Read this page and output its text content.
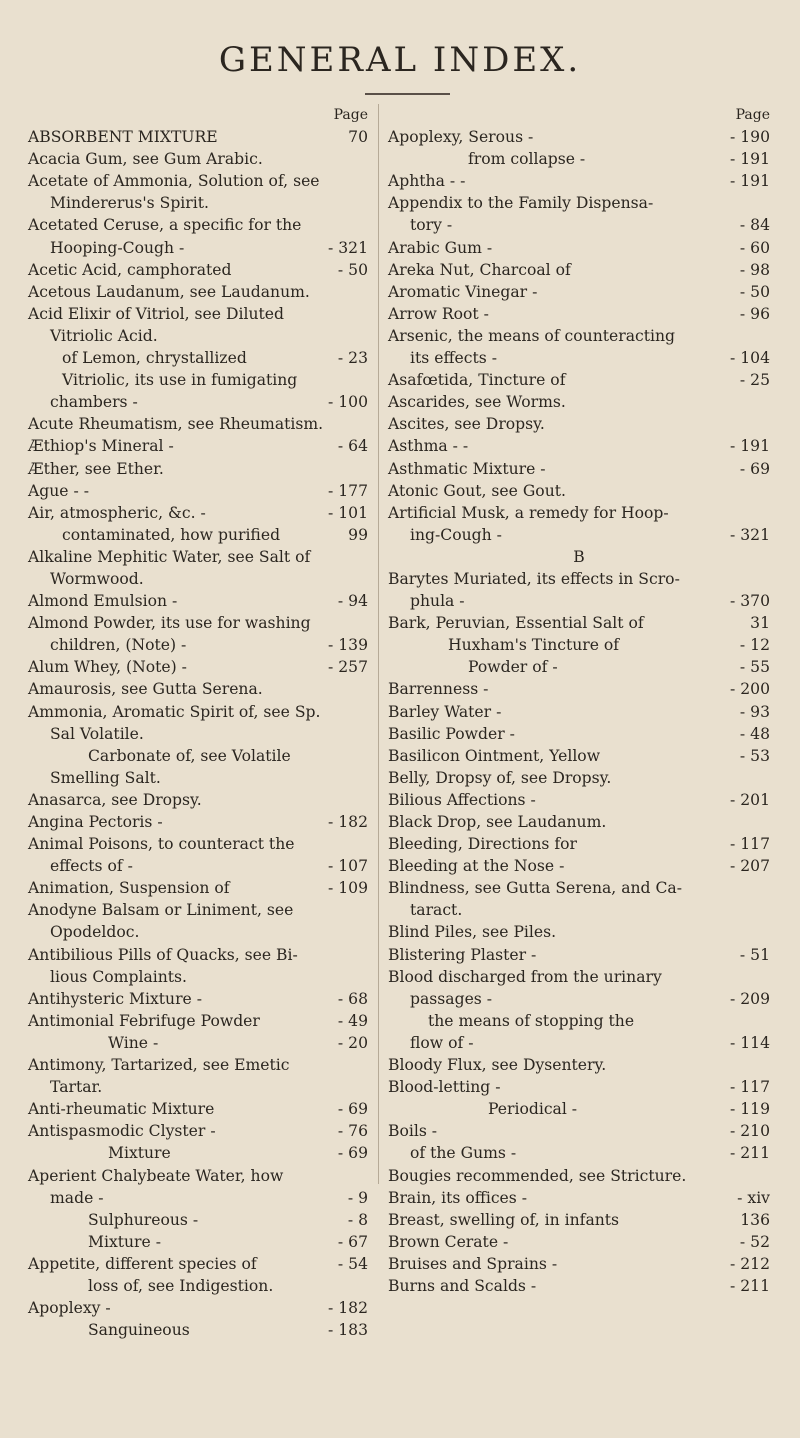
GENERAL INDEX.
Page
ABSORBENT MIXTURE	70
Acacia Gum, see Gum Arabic.
Acetate of Ammonia, Solution of, see
Mindererus's Spirit.
Acetated Ceruse, a specific for the
Hooping-Cough -	- 321
Acetic Acid, camphorated	- 50
Acetous Laudanum, see Laudanum.
Acid Elixir of Vitriol, see Diluted
Vitriolic Acid.
of Lemon, chrystallized	- 23
Vitriolic, its use in fumigating
chambers -	- 100
Acute Rheumatism, see Rheumatism.
Æthiop's Mineral -	- 64
Æther, see Ether.
Ague - -	- 177
Air, atmospheric, &c. -	- 101
contaminated, how purified	99
Alkaline Mephitic Water, see Salt of
Wormwood.
Almond Emulsion -	- 94
Almond Powder, its use for washing
children, (Note) -	- 139
Alum Whey, (Note) -	- 257
Amaurosis, see Gutta Serena.
Ammonia, Aromatic Spirit of, see Sp.
Sal Volatile.
Carbonate of, see Volatile
Smelling Salt.
Anasarca, see Dropsy.
Angina Pectoris -	- 182
Animal Poisons, to counteract the
effects of -	- 107
Animation, Suspension of	- 109
Anodyne Balsam or Liniment, see
Opodeldoc.
Antibilious Pills of Quacks, see Bi-
lious Complaints.
Antihysteric Mixture -	- 68
Antimonial Febrifuge Powder	- 49
Wine -	- 20
Antimony, Tartarized, see Emetic
Tartar.
Anti-rheumatic Mixture	- 69
Antispasmodic Clyster -	- 76
Mixture	- 69
Aperient Chalybeate Water, how
made -	- 9
Sulphureous -	- 8
Mixture -	- 67
Appetite, different species of	- 54
loss of, see Indigestion.
Apoplexy -	- 182
Sanguineous	- 183
Page
Apoplexy, Serous -	- 190
from collapse -	- 191
Aphtha - -	- 191
Appendix to the Family Dispensa-
tory -	- 84
Arabic Gum -	- 60
Areka Nut, Charcoal of	- 98
Aromatic Vinegar -	- 50
Arrow Root -	- 96
Arsenic, the means of counteracting
its effects -	- 104
Asafœtida, Tincture of	- 25
Ascarides, see Worms.
Ascites, see Dropsy.
Asthma - -	- 191
Asthmatic Mixture -	- 69
Atonic Gout, see Gout.
Artificial Musk, a remedy for Hoop-
ing-Cough -	- 321
B
Barytes Muriated, its effects in Scro-
phula -	- 370
Bark, Peruvian, Essential Salt of	31
Huxham's Tincture of	- 12
Powder of -	- 55
Barrenness -	- 200
Barley Water -	- 93
Basilic Powder -	- 48
Basilicon Ointment, Yellow	- 53
Belly, Dropsy of, see Dropsy.
Bilious Affections -	- 201
Black Drop, see Laudanum.
Bleeding, Directions for	- 117
Bleeding at the Nose -	- 207
Blindness, see Gutta Serena, and Ca-
taract.
Blind Piles, see Piles.
Blistering Plaster -	- 51
Blood discharged from the urinary
passages -	- 209
the means of stopping the
flow of -	- 114
Bloody Flux, see Dysentery.
Blood-letting -	- 117
Periodical -	- 119
Boils -	- 210
of the Gums -	- 211
Bougies recommended, see Stricture.
Brain, its offices -	- xiv
Breast, swelling of, in infants	136
Brown Cerate -	- 52
Bruises and Sprains -	- 212
Burns and Scalds -	- 211
